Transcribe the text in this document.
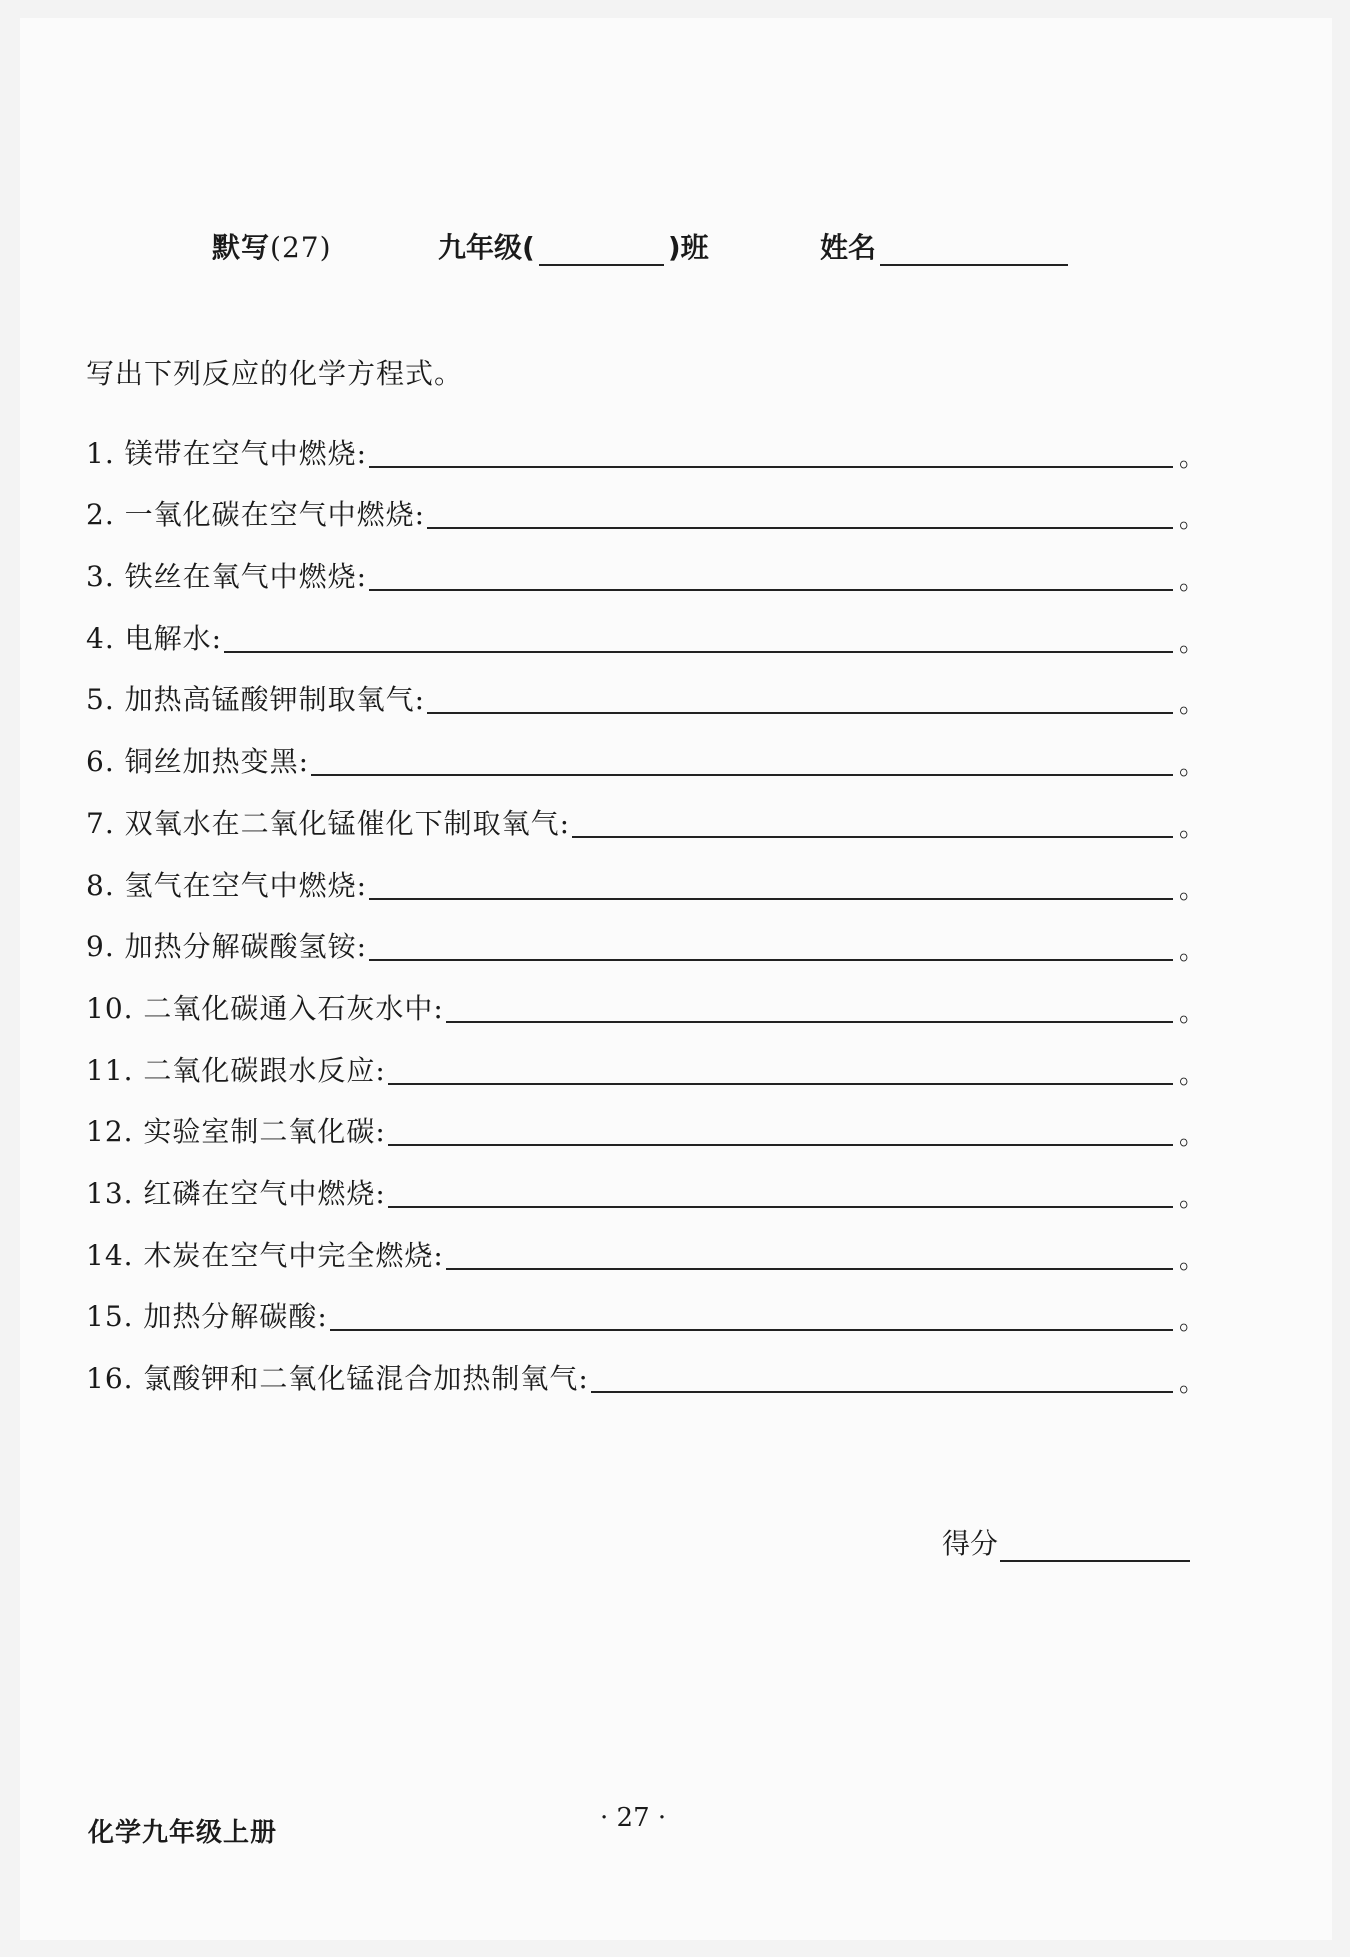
默写(27)	九年级(	)班	姓名
写出下列反应的化学方程式。
1. 镁带在空气中燃烧:	。
2. 一氧化碳在空气中燃烧:	。
3. 铁丝在氧气中燃烧:	。
4. 电解水:	。
5. 加热高锰酸钾制取氧气:	。
6. 铜丝加热变黑:	。
7. 双氧水在二氧化锰催化下制取氧气:	。
8. 氢气在空气中燃烧:	。
9. 加热分解碳酸氢铵:	。
10. 二氧化碳通入石灰水中:	。
11. 二氧化碳跟水反应:	。
12. 实验室制二氧化碳:	。
13. 红磷在空气中燃烧:	。
14. 木炭在空气中完全燃烧:	。
15. 加热分解碳酸:	。
16. 氯酸钾和二氧化锰混合加热制氧气:	。
得分
化学九年级上册	· 27 ·
